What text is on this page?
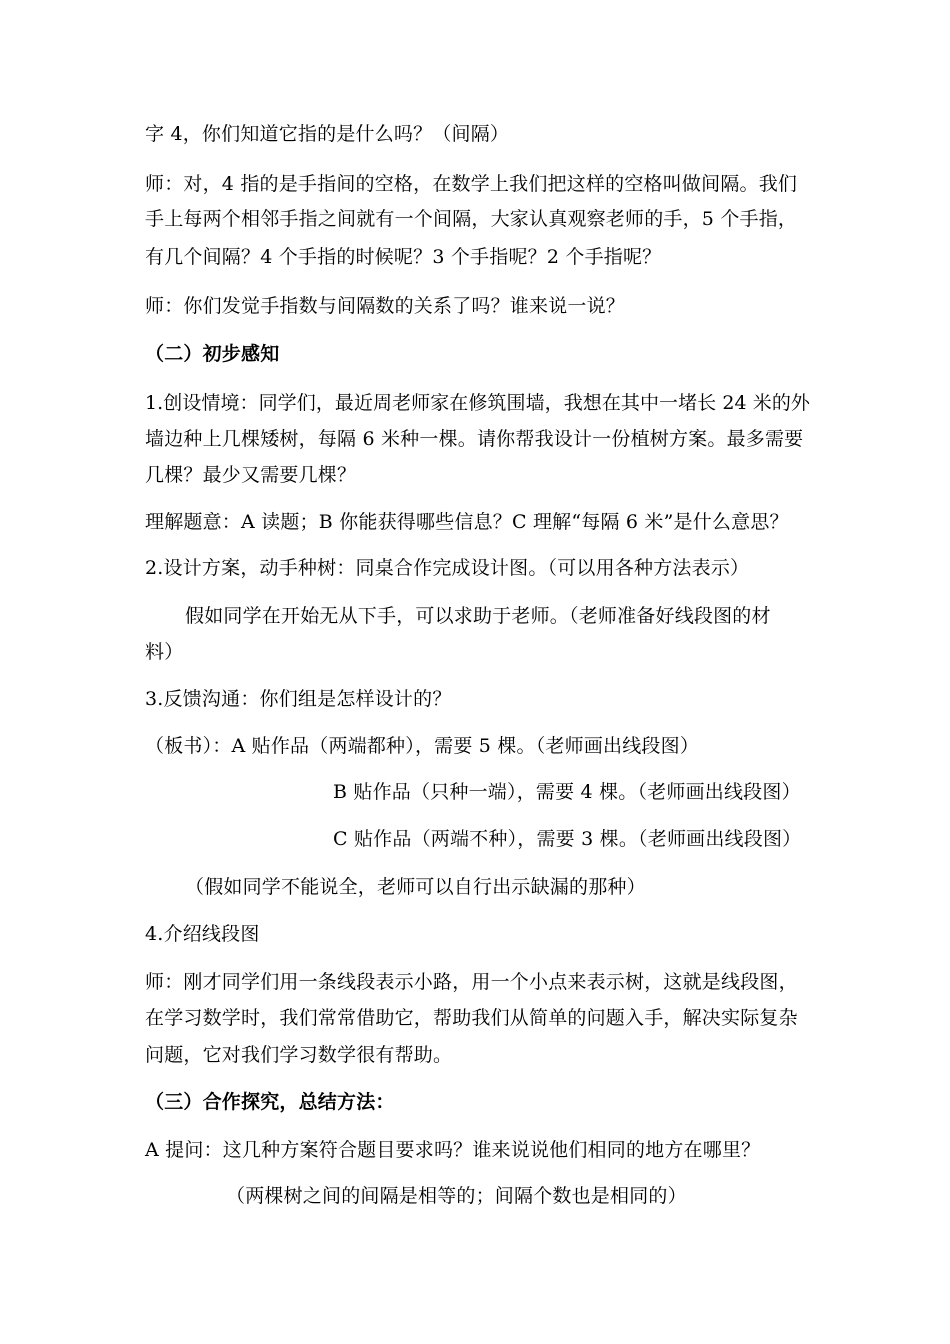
字 4，你们知道它指的是什么吗？（间隔）
师：对，4 指的是手指间的空格，在数学上我们把这样的空格叫做间隔。我们
手上每两个相邻手指之间就有一个间隔，大家认真观察老师的手，5 个手指，
有几个间隔？4 个手指的时候呢？3 个手指呢？2 个手指呢？
师：你们发觉手指数与间隔数的关系了吗？谁来说一说？
（二）初步感知
1.创设情境：同学们，最近周老师家在修筑围墙，我想在其中一堵长 24 米的外
墙边种上几棵矮树，每隔 6 米种一棵。请你帮我设计一份植树方案。最多需要
几棵？最少又需要几棵？
理解题意：A 读题；B 你能获得哪些信息？C 理解“每隔 6 米”是什么意思？
2.设计方案，动手种树：同桌合作完成设计图。（可以用各种方法表示）
假如同学在开始无从下手，可以求助于老师。（老师准备好线段图的材
料）
3.反馈沟通：你们组是怎样设计的？
（板书）：A 贴作品（两端都种），需要 5 棵。（老师画出线段图）
B 贴作品（只种一端），需要 4 棵。（老师画出线段图）
C 贴作品（两端不种），需要 3 棵。（老师画出线段图）
（假如同学不能说全，老师可以自行出示缺漏的那种）
4.介绍线段图
师：刚才同学们用一条线段表示小路，用一个小点来表示树，这就是线段图，
在学习数学时，我们常常借助它，帮助我们从简单的问题入手，解决实际复杂
问题，它对我们学习数学很有帮助。
（三）合作探究，总结方法：
A 提问：这几种方案符合题目要求吗？谁来说说他们相同的地方在哪里？
（两棵树之间的间隔是相等的；间隔个数也是相同的）
